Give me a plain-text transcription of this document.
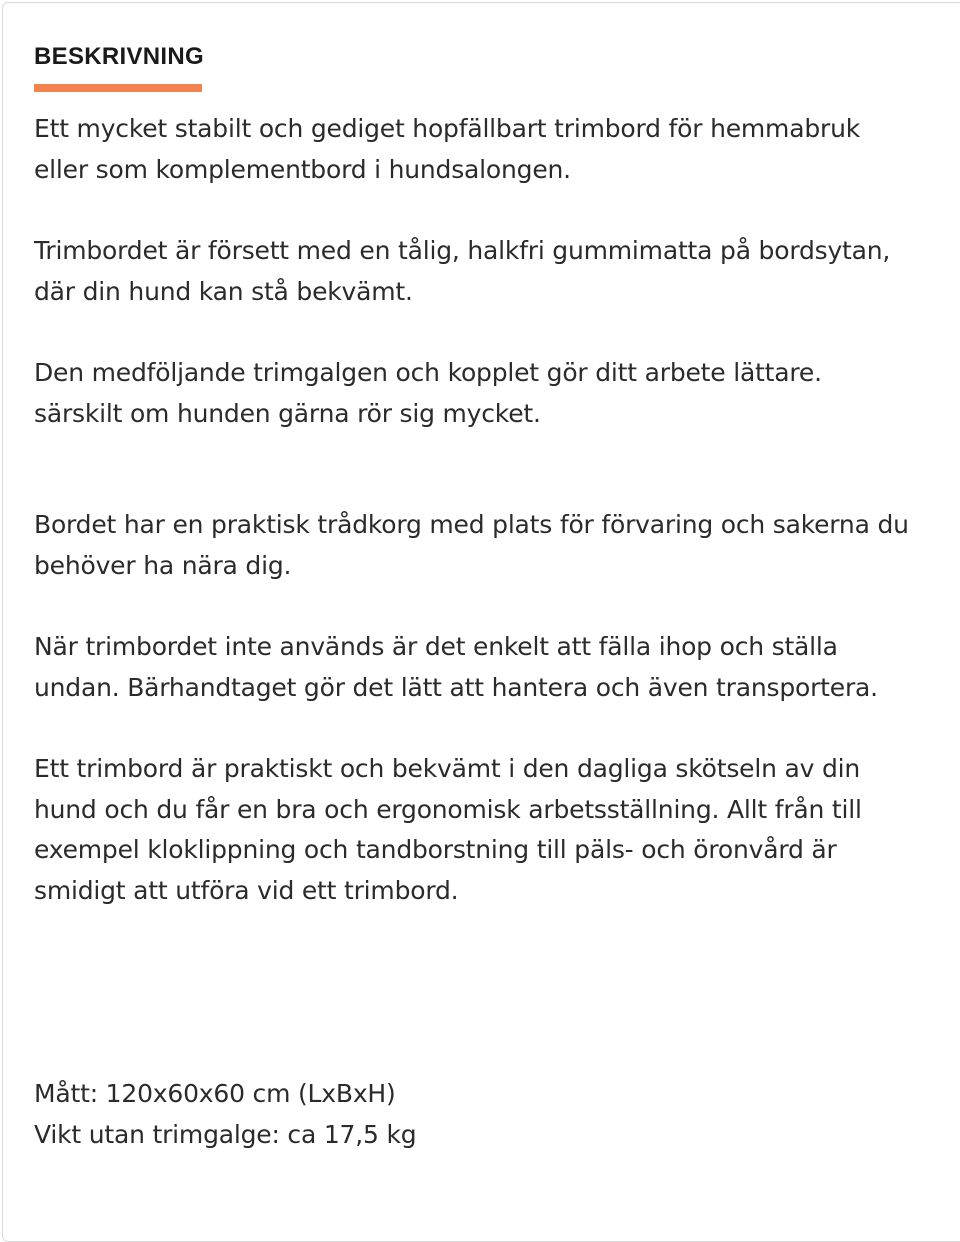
BESKRIVNING

Ett mycket stabilt och gediget hopfällbart trimbord för hemmabruk
eller som komplementbord i hundsalongen.

Trimbordet är försett med en tålig, halkfri gummimatta på bordsytan,
där din hund kan stå bekvämt.

Den medföljande trimgalgen och kopplet gör ditt arbete lättare.
särskilt om hunden gärna rör sig mycket.

Bordet har en praktisk trådkorg med plats för förvaring och sakerna du
behöver ha nära dig.

När trimbordet inte används är det enkelt att fälla ihop och ställa
undan. Bärhandtaget gör det lätt att hantera och även transportera.

Ett trimbord är praktiskt och bekvämt i den dagliga skötseln av din
hund och du får en bra och ergonomisk arbetsställning. Allt från till
exempel kloklippning och tandborstning till päls- och öronvård är
smidigt att utföra vid ett trimbord.

Mått: 120x60x60 cm (LxBxH)
Vikt utan trimgalge: ca 17,5 kg
